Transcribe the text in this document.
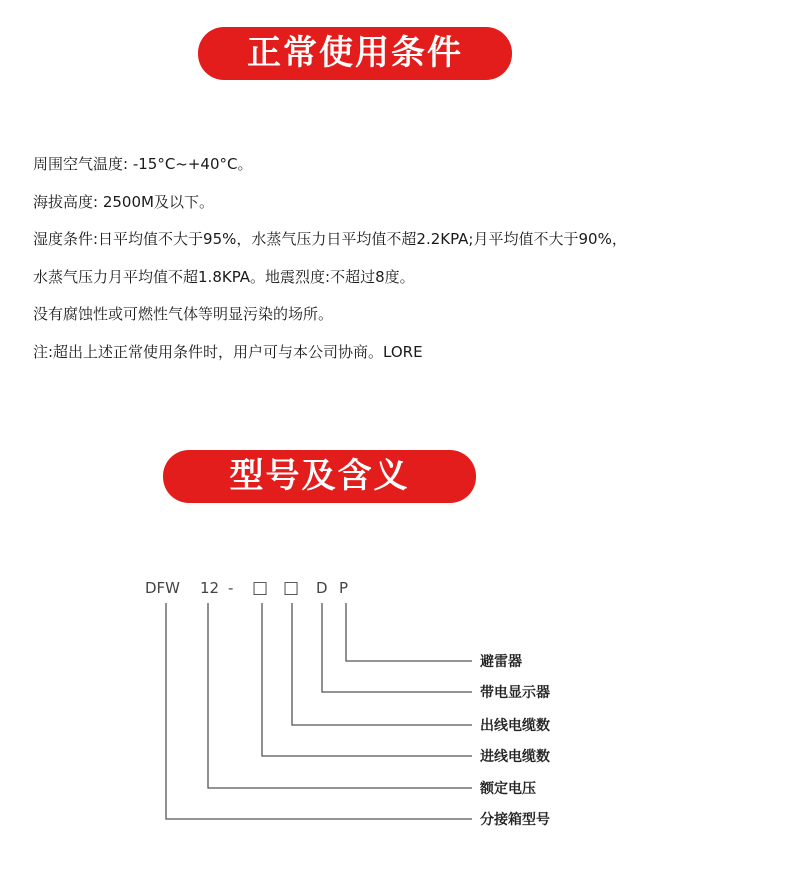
正常使用条件
周围空气温度: -15°C~+40°C。
海拔高度: 2500M及以下。
湿度条件:日平均值不大于95%，水蒸气压力日平均值不超2.2KPA;月平均值不大于90%，
水蒸气压力月平均值不超1.8KPA。地震烈度:不超过8度。
没有腐蚀性或可燃性气体等明显污染的场所。
注:超出上述正常使用条件时，用户可与本公司协商。LORE
型号及含义
DFW 12 - □ □ D P
避雷器
带电显示器
出线电缆数
进线电缆数
额定电压
分接箱型号
